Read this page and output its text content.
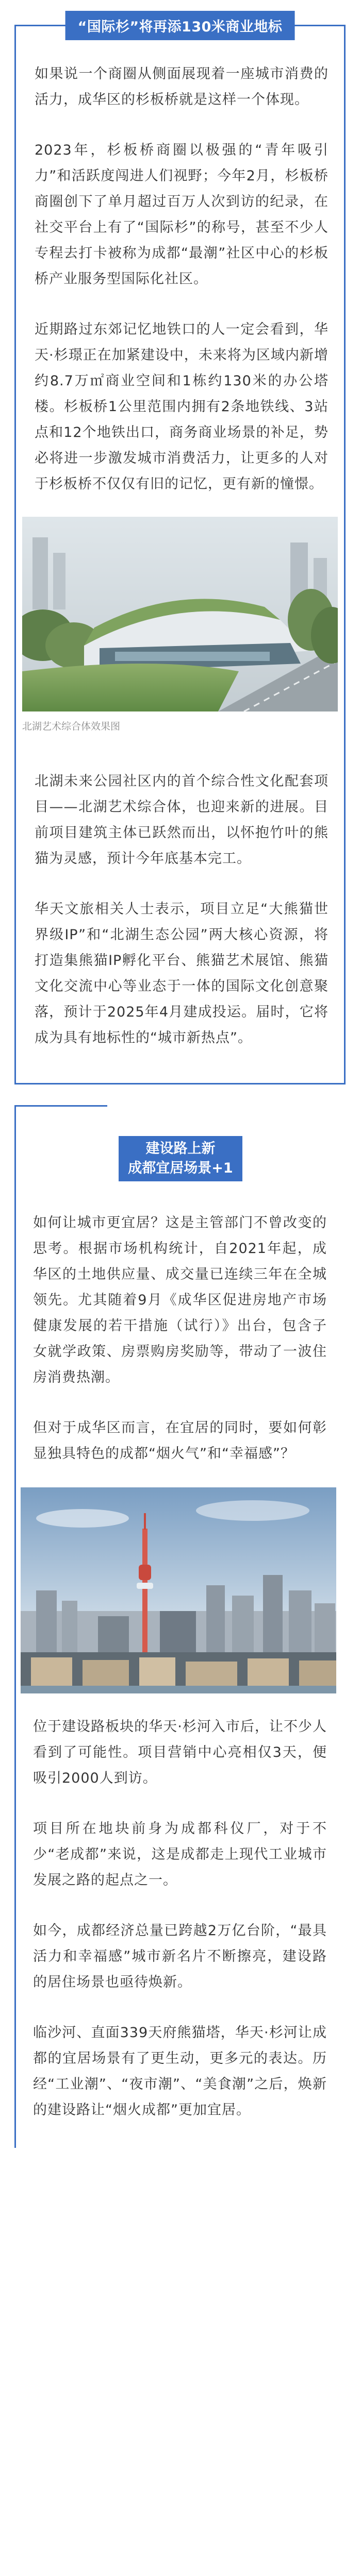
“国际杉”将再添130米商业地标

如果说一个商圈从侧面展现着一座城市消费的活力，成华区的杉板桥就是这样一个体现。

2023年，杉板桥商圈以极强的“青年吸引力”和活跃度闯进人们视野；今年2月，杉板桥商圈创下了单月超过百万人次到访的纪录，在社交平台上有了“国际杉”的称号，甚至不少人专程去打卡被称为成都“最潮”社区中心的杉板桥产业服务型国际化社区。

近期路过东郊记忆地铁口的人一定会看到，华天·杉璟正在加紧建设中，未来将为区域内新增约8.7万㎡商业空间和1栋约130米的办公塔楼。杉板桥1公里范围内拥有2条地铁线、3站点和12个地铁出口，商务商业场景的补足，势必将进一步激发城市消费活力，让更多的人对于杉板桥不仅仅有旧的记忆，更有新的憧憬。

北湖艺术综合体效果图

北湖未来公园社区内的首个综合性文化配套项目——北湖艺术综合体，也迎来新的进展。目前项目建筑主体已跃然而出，以怀抱竹叶的熊猫为灵感，预计今年底基本完工。

华天文旅相关人士表示，项目立足“大熊猫世界级IP”和“北湖生态公园”两大核心资源，将打造集熊猫IP孵化平台、熊猫艺术展馆、熊猫文化交流中心等业态于一体的国际文化创意聚落，预计于2025年4月建成投运。届时，它将成为具有地标性的“城市新热点”。

建设路上新
成都宜居场景+1

如何让城市更宜居？这是主管部门不曾改变的思考。根据市场机构统计，自2021年起，成华区的土地供应量、成交量已连续三年在全城领先。尤其随着9月《成华区促进房地产市场健康发展的若干措施（试行）》出台，包含子女就学政策、房票购房奖励等，带动了一波住房消费热潮。

但对于成华区而言，在宜居的同时，要如何彰显独具特色的成都“烟火气”和“幸福感”？

位于建设路板块的华天·杉河入市后，让不少人看到了可能性。项目营销中心亮相仅3天，便吸引2000人到访。

项目所在地块前身为成都科仪厂，对于不少“老成都”来说，这是成都走上现代工业城市发展之路的起点之一。

如今，成都经济总量已跨越2万亿台阶，“最具活力和幸福感”城市新名片不断擦亮，建设路的居住场景也亟待焕新。

临沙河、直面339天府熊猫塔，华天·杉河让成都的宜居场景有了更生动，更多元的表达。历经“工业潮”、“夜市潮”、“美食潮”之后，焕新的建设路让“烟火成都”更加宜居。
